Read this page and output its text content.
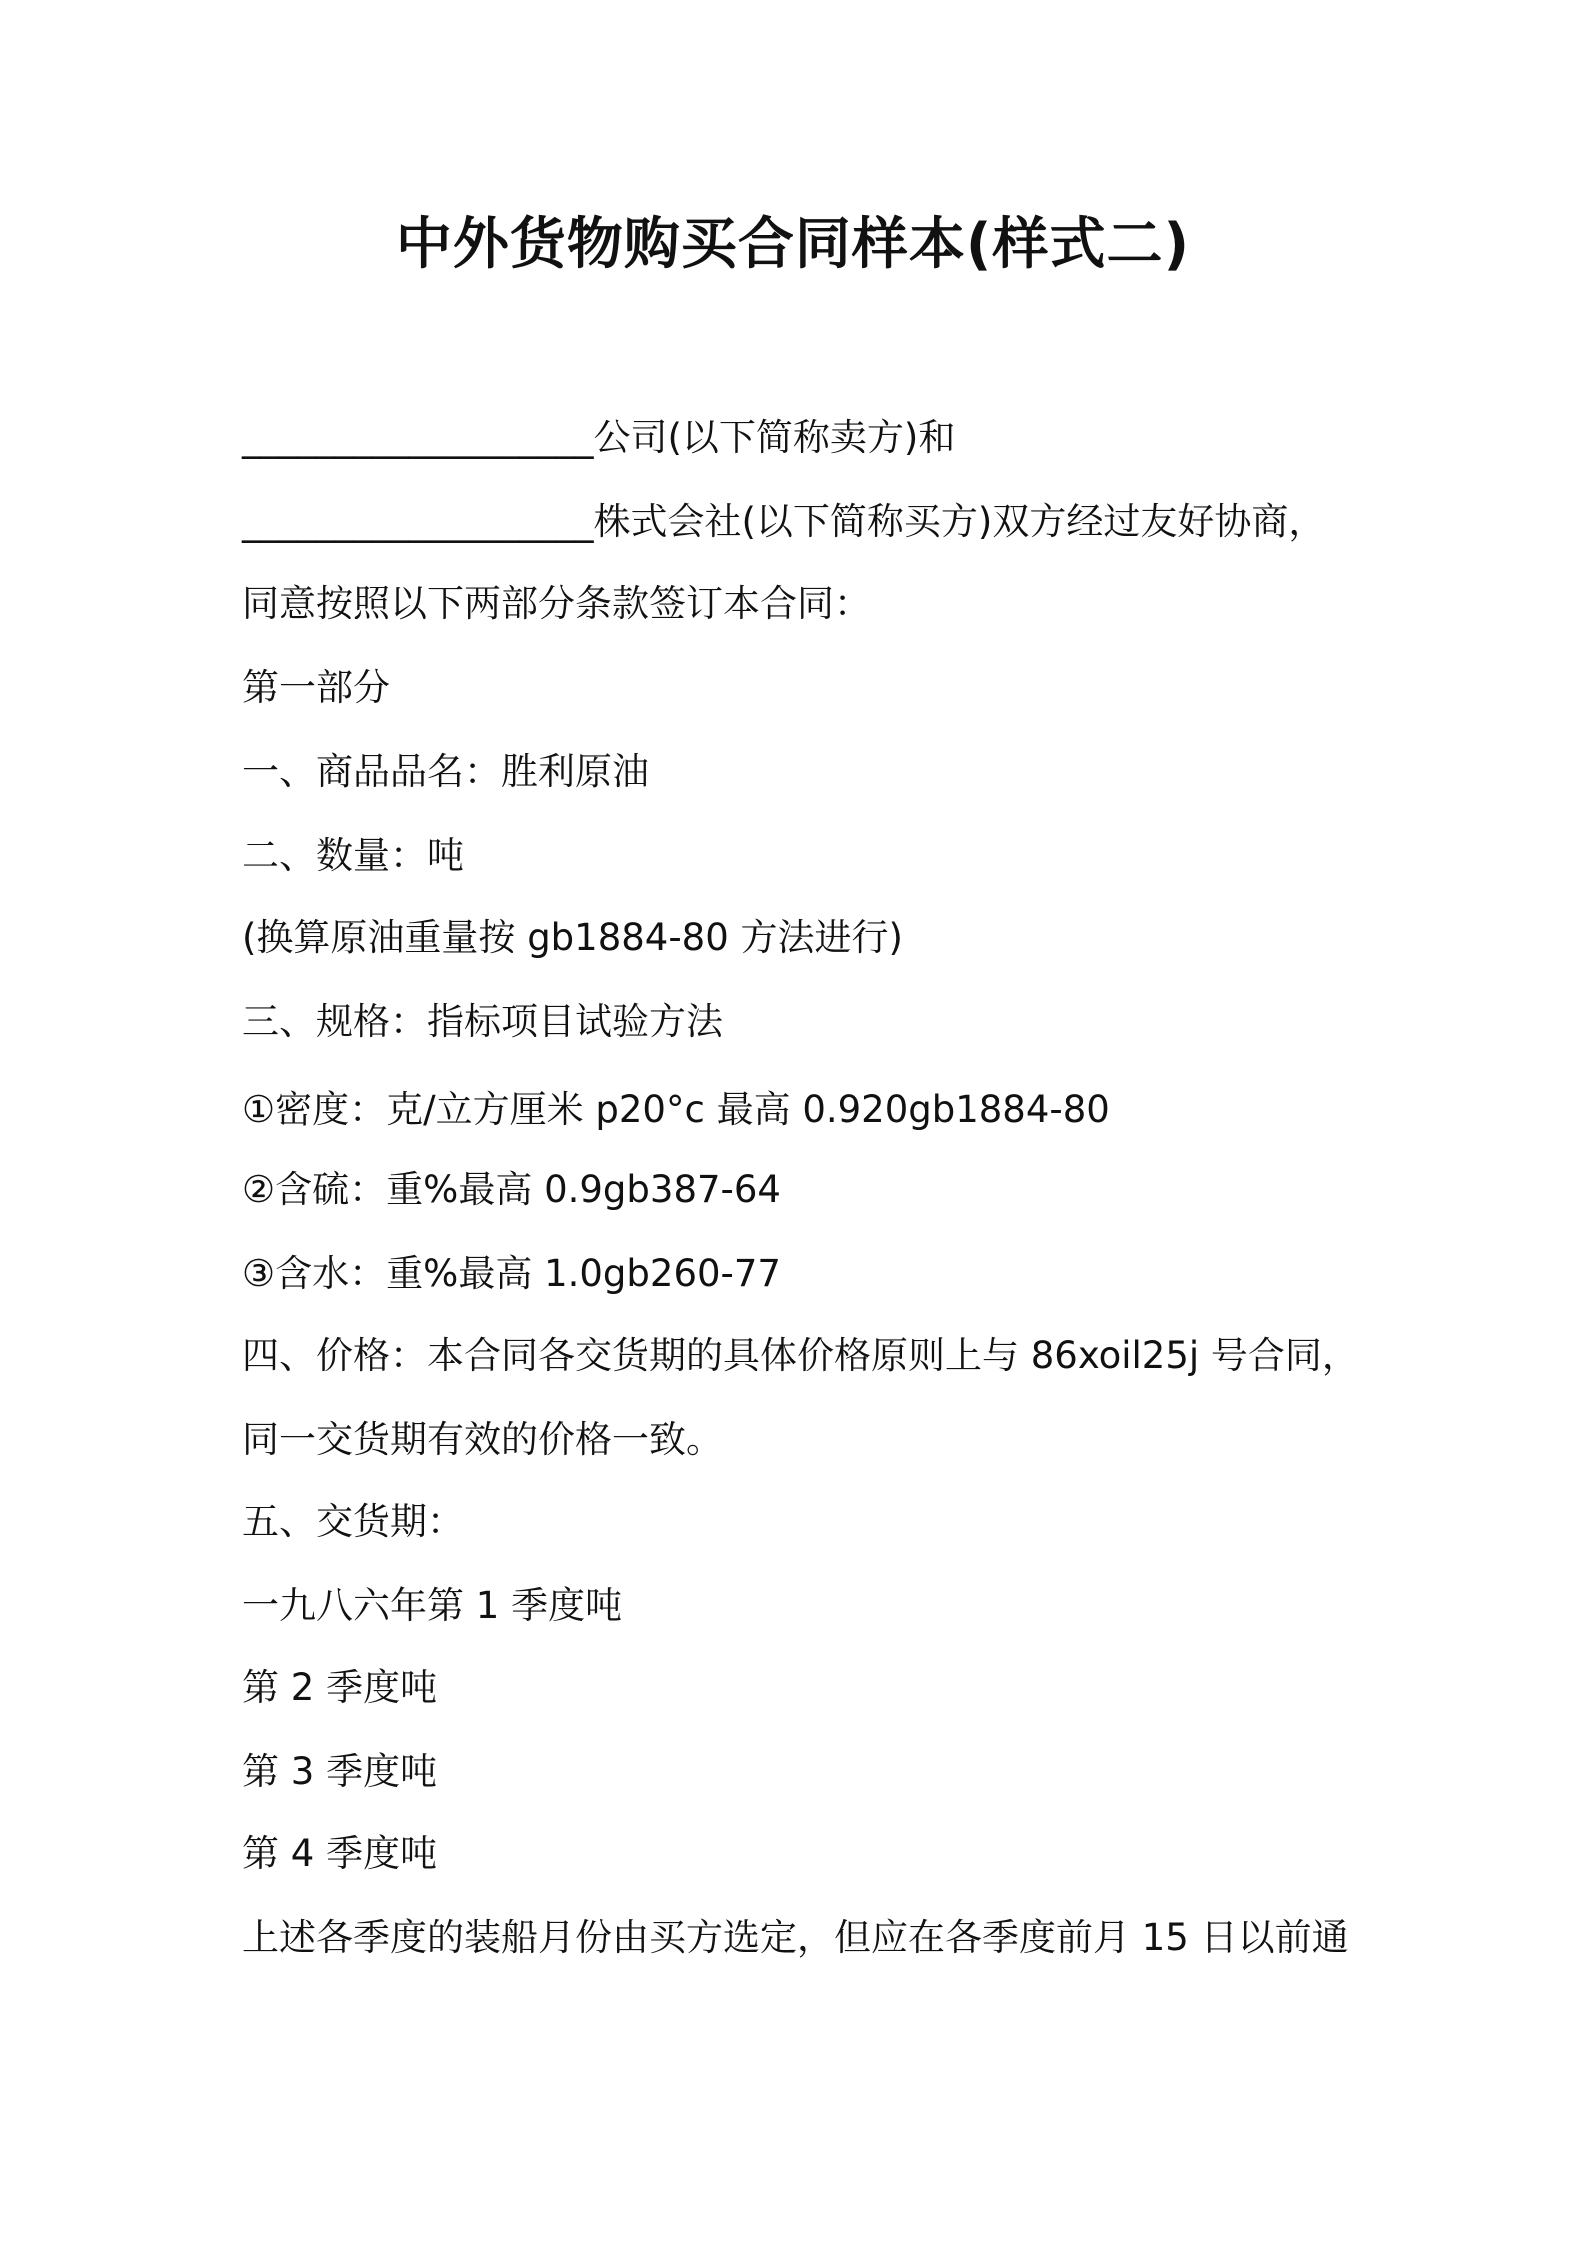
中外货物购买合同样本(样式二)
___________________公司(以下简称卖方)和
___________________株式会社(以下简称买方)双方经过友好协商，
同意按照以下两部分条款签订本合同：
第一部分
一、商品品名：胜利原油
二、数量：吨
(换算原油重量按 gb1884-80 方法进行)
三、规格：指标项目试验方法
①密度：克/立方厘米 p20°c 最高 0.920gb1884-80
②含硫：重%最高 0.9gb387-64
③含水：重%最高 1.0gb260-77
四、价格：本合同各交货期的具体价格原则上与 86xoil25j 号合同，
同一交货期有效的价格一致。
五、交货期：
一九八六年第 1 季度吨
第 2 季度吨
第 3 季度吨
第 4 季度吨
上述各季度的装船月份由买方选定，但应在各季度前月 15 日以前通
